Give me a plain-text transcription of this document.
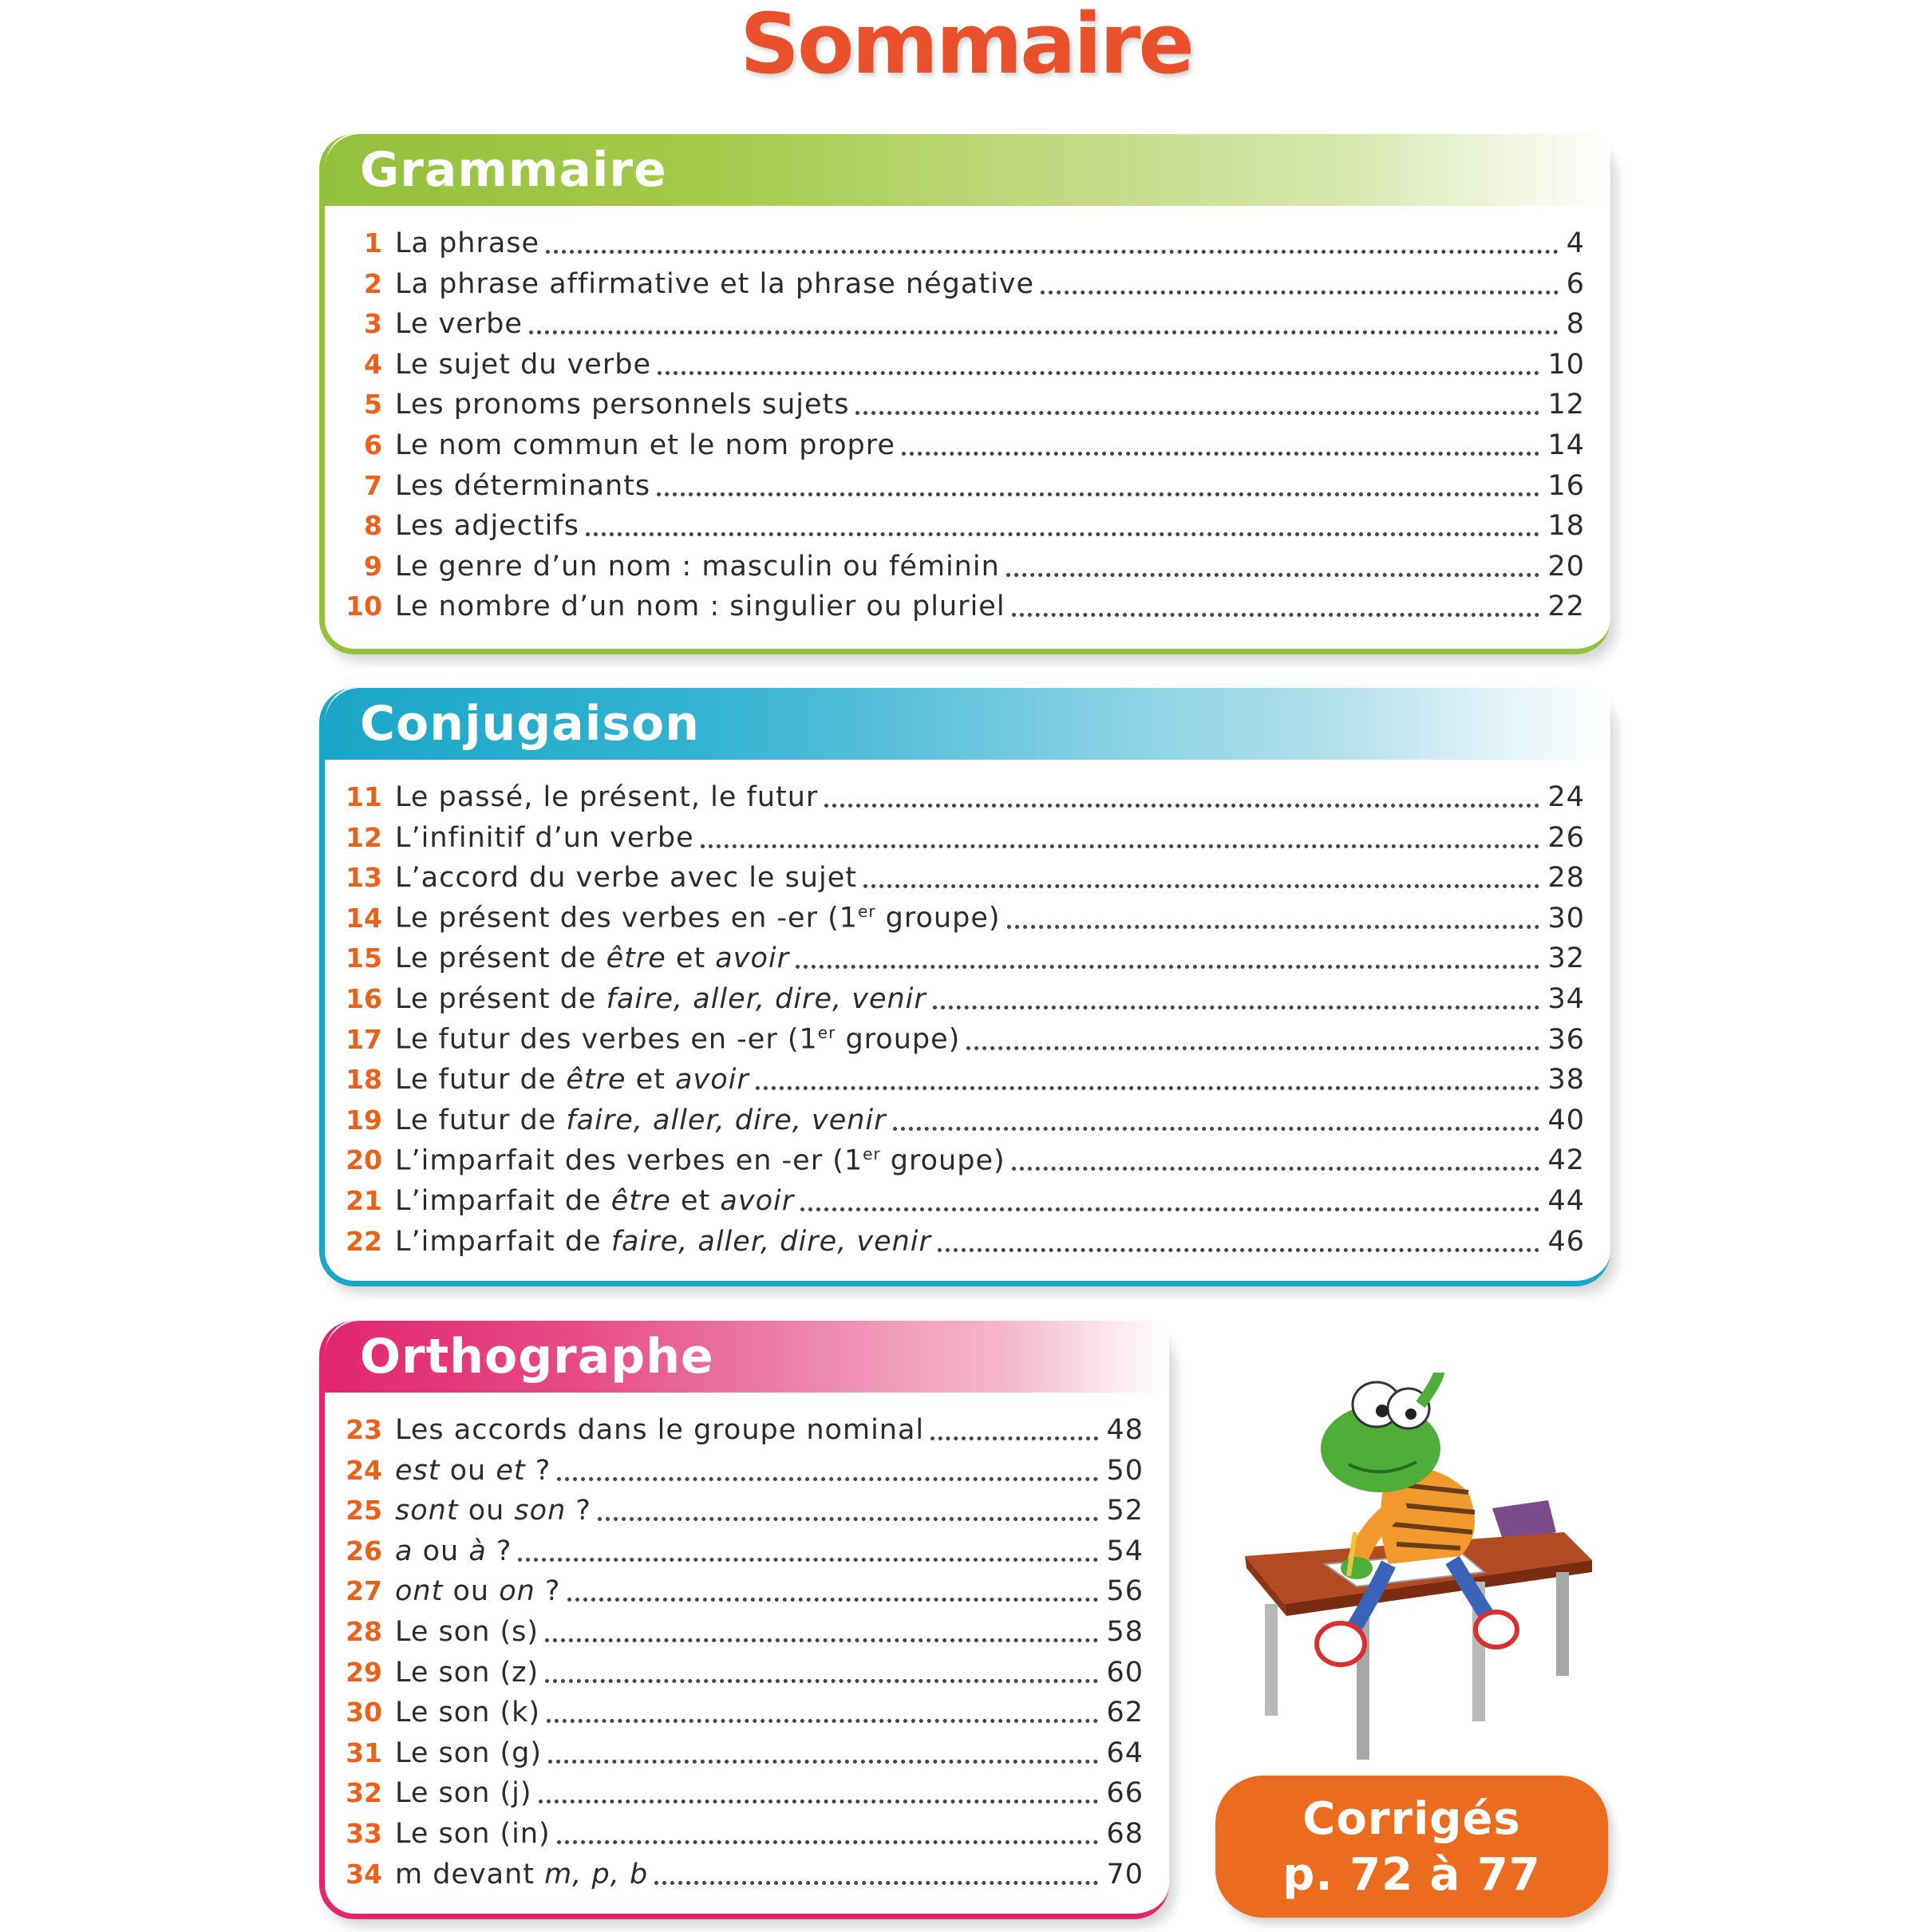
Sommaire
Grammaire
1 La phrase	4
2 La phrase affirmative et la phrase négative	6
3 Le verbe	8
4 Le sujet du verbe	10
5 Les pronoms personnels sujets	12
6 Le nom commun et le nom propre	14
7 Les déterminants	16
8 Les adjectifs	18
9 Le genre d’un nom : masculin ou féminin	20
10 Le nombre d’un nom : singulier ou pluriel	22
Conjugaison
11 Le passé, le présent, le futur	24
12 L’infinitif d’un verbe	26
13 L’accord du verbe avec le sujet	28
14 Le présent des verbes en -er (1er groupe)	30
15 Le présent de être et avoir	32
16 Le présent de faire, aller, dire, venir	34
17 Le futur des verbes en -er (1er groupe)	36
18 Le futur de être et avoir	38
19 Le futur de faire, aller, dire, venir	40
20 L’imparfait des verbes en -er (1er groupe)	42
21 L’imparfait de être et avoir	44
22 L’imparfait de faire, aller, dire, venir	46
Orthographe
23 Les accords dans le groupe nominal	48
24 est ou et ?	50
25 sont ou son ?	52
26 a ou à ?	54
27 ont ou on ?	56
28 Le son (s)	58
29 Le son (z)	60
30 Le son (k)	62
31 Le son (g)	64
32 Le son (j)	66
33 Le son (in)	68
34 m devant m, p, b	70
Corrigés
p. 72 à 77
